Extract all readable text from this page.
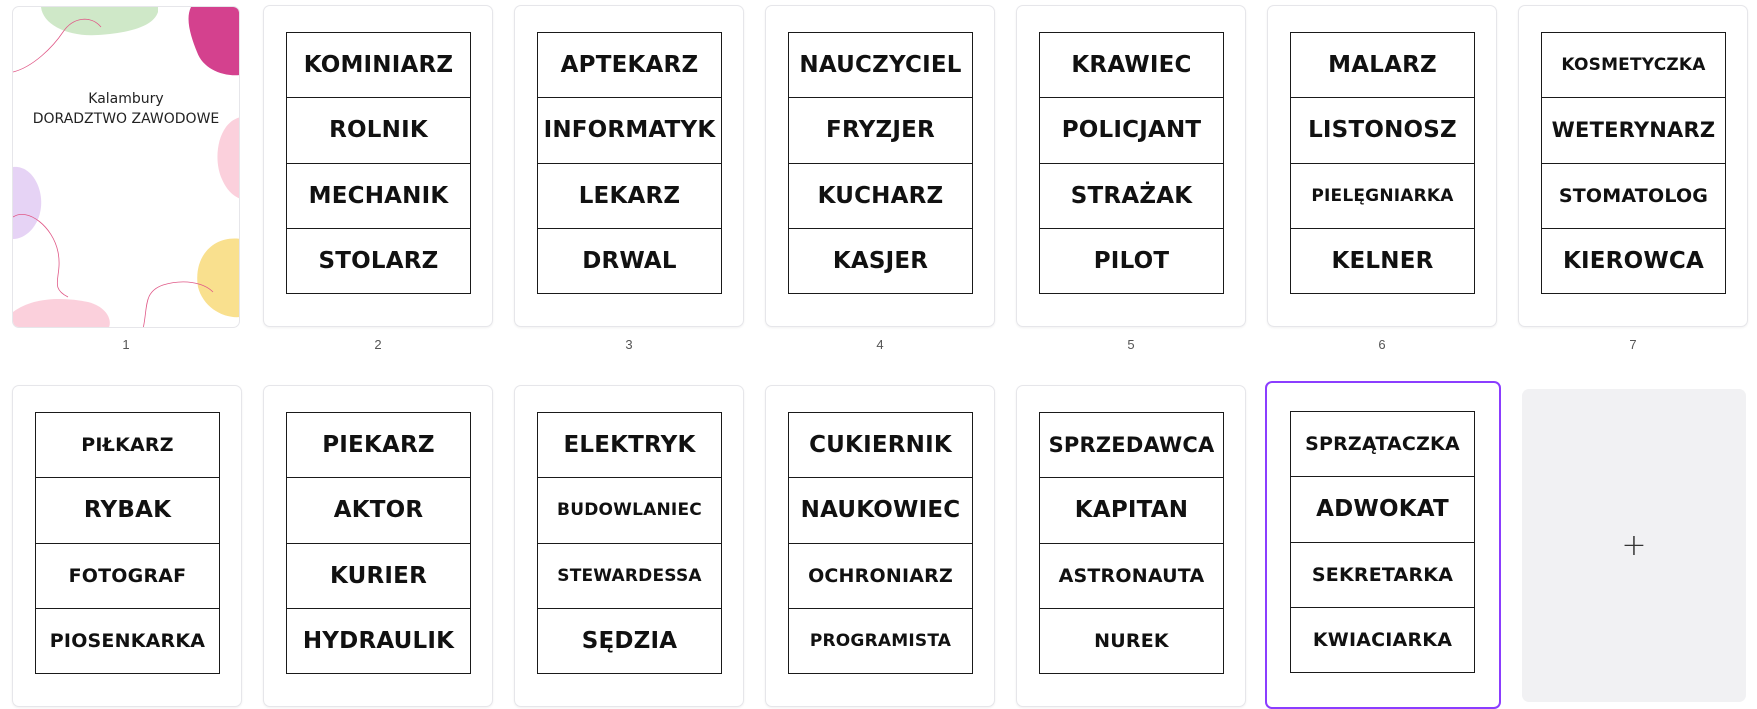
Kalambury
DORADZTWO ZAWODOWE
1
KOMINIARZ
ROLNIK
MECHANIK
STOLARZ
2
APTEKARZ
INFORMATYK
LEKARZ
DRWAL
3
NAUCZYCIEL
FRYZJER
KUCHARZ
KASJER
4
KRAWIEC
POLICJANT
STRAŻAK
PILOT
5
MALARZ
LISTONOSZ
PIELĘGNIARKA
KELNER
6
KOSMETYCZKA
WETERYNARZ
STOMATOLOG
KIEROWCA
7
PIŁKARZ
RYBAK
FOTOGRAF
PIOSENKARKA
PIEKARZ
AKTOR
KURIER
HYDRAULIK
ELEKTRYK
BUDOWLANIEC
STEWARDESSA
SĘDZIA
CUKIERNIK
NAUKOWIEC
OCHRONIARZ
PROGRAMISTA
SPRZEDAWCA
KAPITAN
ASTRONAUTA
NUREK
SPRZĄTACZKA
ADWOKAT
SEKRETARKA
KWIACIARKA
+
